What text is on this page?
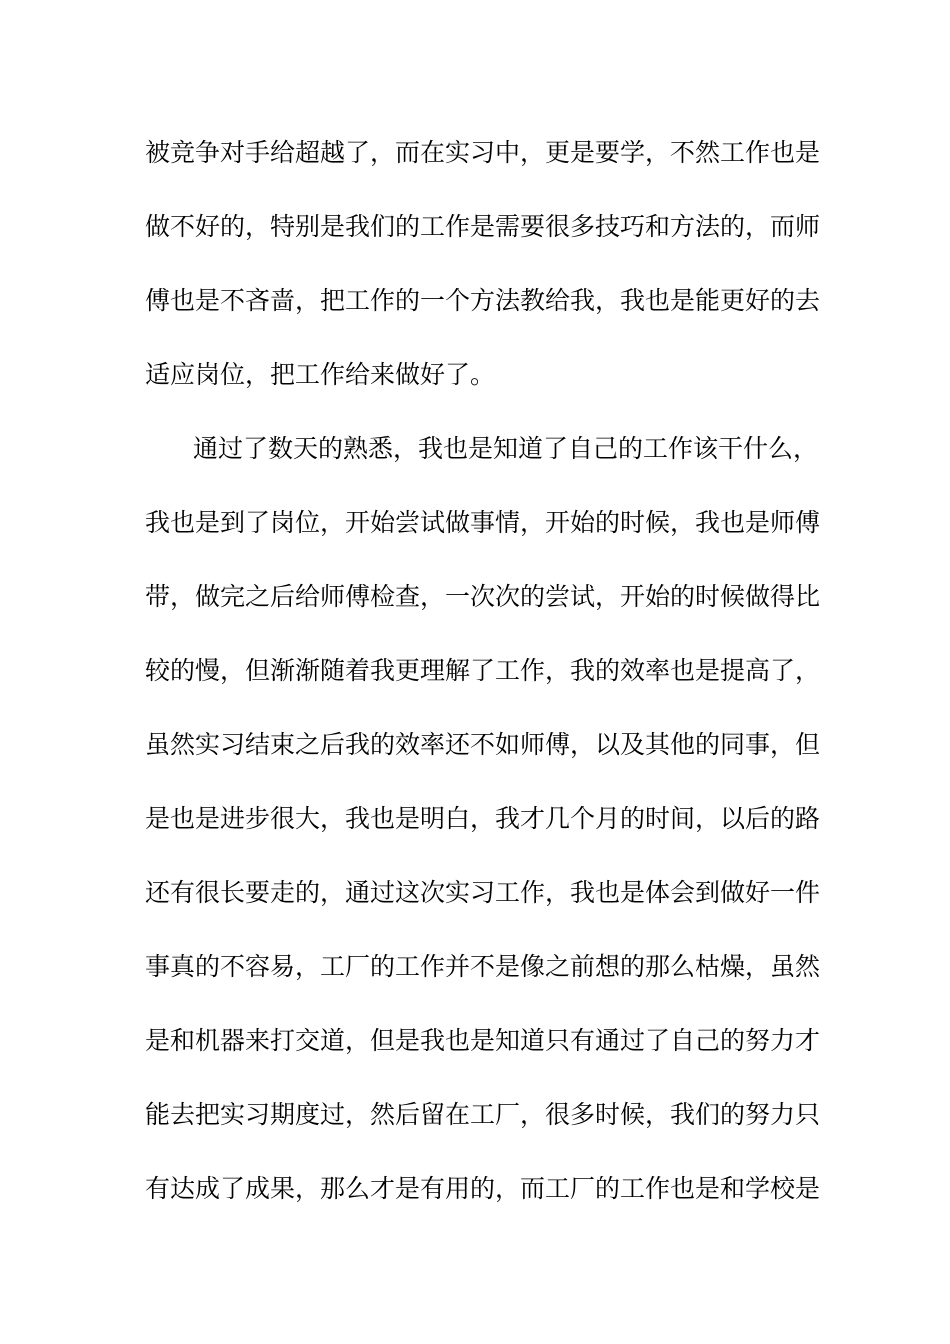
被竞争对手给超越了，而在实习中，更是要学，不然工作也是
做不好的，特别是我们的工作是需要很多技巧和方法的，而师
傅也是不吝啬，把工作的一个方法教给我，我也是能更好的去
适应岗位，把工作给来做好了。
通过了数天的熟悉，我也是知道了自己的工作该干什么，
我也是到了岗位，开始尝试做事情，开始的时候，我也是师傅
带，做完之后给师傅检查，一次次的尝试，开始的时候做得比
较的慢，但渐渐随着我更理解了工作，我的效率也是提高了，
虽然实习结束之后我的效率还不如师傅，以及其他的同事，但
是也是进步很大，我也是明白，我才几个月的时间，以后的路
还有很长要走的，通过这次实习工作，我也是体会到做好一件
事真的不容易，工厂的工作并不是像之前想的那么枯燥，虽然
是和机器来打交道，但是我也是知道只有通过了自己的努力才
能去把实习期度过，然后留在工厂，很多时候，我们的努力只
有达成了成果，那么才是有用的，而工厂的工作也是和学校是
